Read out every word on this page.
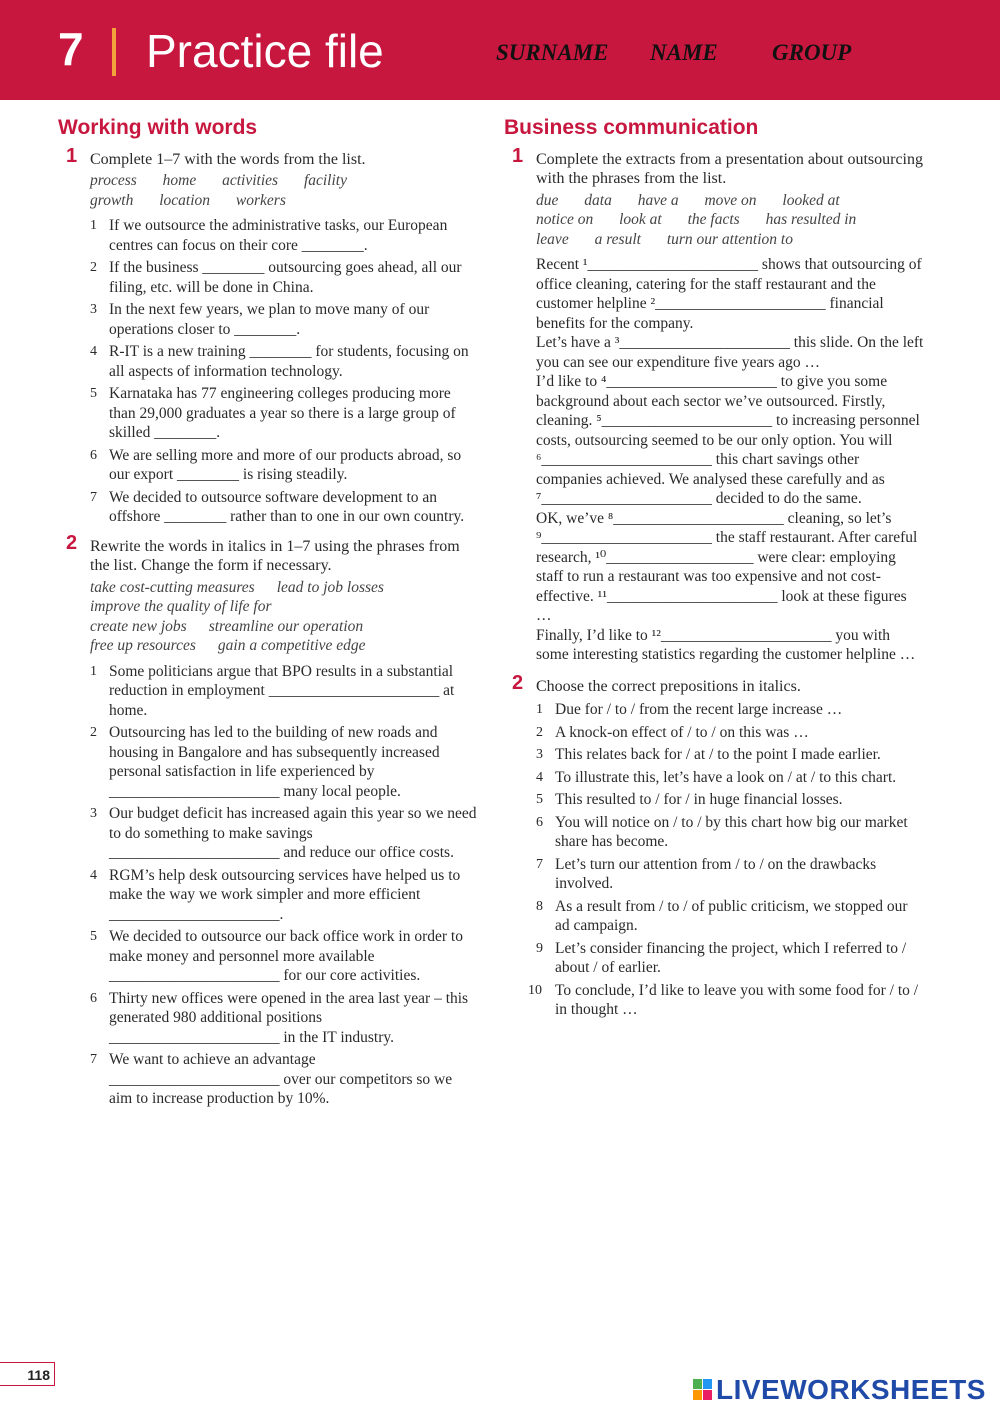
7 Practice file	SURNAME NAME GROUP
Working with words
1 Complete 1–7 with the words from the list.
process home activities facility
growth location workers
1 If we outsource the administrative tasks, our European centres can focus on their core ________.
2 If the business ________ outsourcing goes ahead, all our filing, etc. will be done in China.
3 In the next few years, we plan to move many of our operations closer to ________.
4 R-IT is a new training ________ for students, focusing on all aspects of information technology.
5 Karnataka has 77 engineering colleges producing more than 29,000 graduates a year so there is a large group of skilled ________.
6 We are selling more and more of our products abroad, so our export ________ is rising steadily.
7 We decided to outsource software development to an offshore ________ rather than to one in our own country.
2 Rewrite the words in italics in 1–7 using the phrases from the list. Change the form if necessary.
take cost-cutting measures lead to job losses
improve the quality of life for
create new jobs streamline our operation
free up resources gain a competitive edge
1 Some politicians argue that BPO results in a substantial reduction in employment ______________________ at home.
2 Outsourcing has led to the building of new roads and housing in Bangalore and has subsequently increased personal satisfaction in life experienced by ______________________ many local people.
3 Our budget deficit has increased again this year so we need to do something to make savings ______________________ and reduce our office costs.
4 RGM’s help desk outsourcing services have helped us to make the way we work simpler and more efficient ______________________.
5 We decided to outsource our back office work in order to make money and personnel more available ______________________ for our core activities.
6 Thirty new offices were opened in the area last year – this generated 980 additional positions ______________________ in the IT industry.
7 We want to achieve an advantage ______________________ over our competitors so we aim to increase production by 10%.
Business communication
1 Complete the extracts from a presentation about outsourcing with the phrases from the list.
due data have a move on looked at
notice on look at the facts has resulted in
leave a result turn our attention to

Recent ¹______________________ shows that outsourcing of office cleaning, catering for the staff restaurant and the customer helpline ²______________________ financial benefits for the company.

Let’s have a ³______________________ this slide. On the left you can see our expenditure five years ago …

I’d like to ⁴______________________ to give you some background about each sector we’ve outsourced. Firstly, cleaning. ⁵______________________ to increasing personnel costs, outsourcing seemed to be our only option. You will ⁶______________________ this chart savings other companies achieved. We analysed these carefully and as ⁷______________________ decided to do the same.

OK, we’ve ⁸______________________ cleaning, so let’s ⁹______________________ the staff restaurant. After careful research, ¹⁰___________________ were clear: employing staff to run a restaurant was too expensive and not cost-effective. ¹¹______________________ look at these figures …

Finally, I’d like to ¹²______________________ you with some interesting statistics regarding the customer helpline …

2 Choose the correct prepositions in italics.
1 Due for / to / from the recent large increase …
2 A knock-on effect of / to / on this was …
3 This relates back for / at / to the point I made earlier.
4 To illustrate this, let’s have a look on / at / to this chart.
5 This resulted to / for / in huge financial losses.
6 You will notice on / to / by this chart how big our market share has become.
7 Let’s turn our attention from / to / on the drawbacks involved.
8 As a result from / to / of public criticism, we stopped our ad campaign.
9 Let’s consider financing the project, which I referred to / about / of earlier.
10 To conclude, I’d like to leave you with some food for / to / in thought …
118	LIVEWORKSHEETS
